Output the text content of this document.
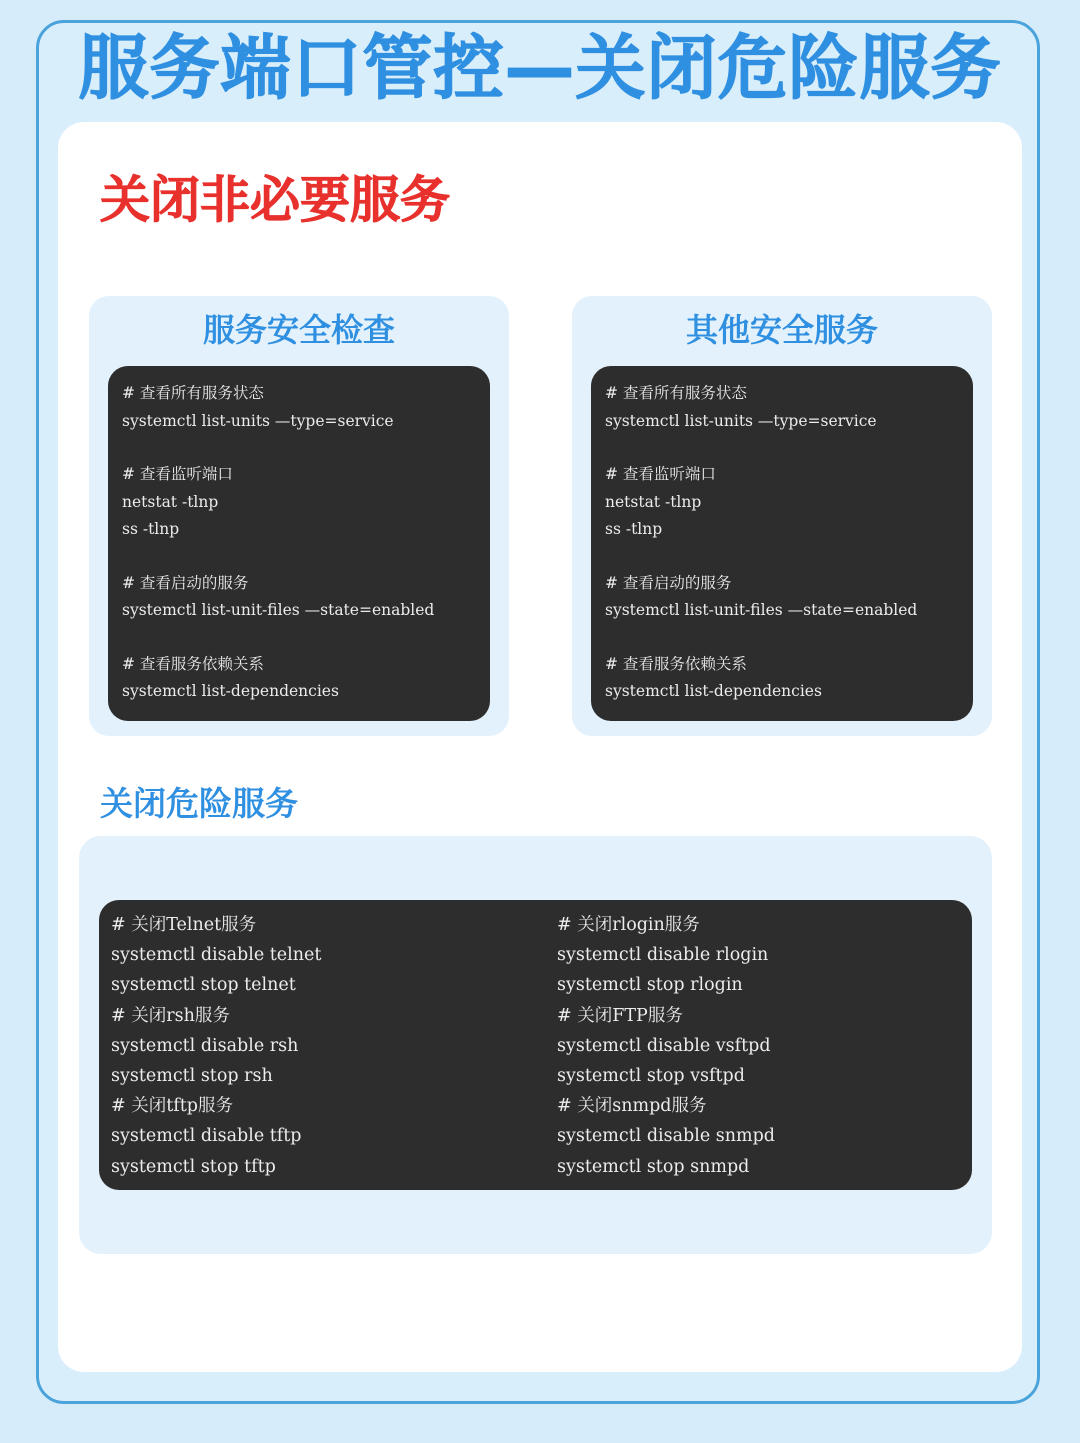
服务端口管控—关闭危险服务
关闭非必要服务
服务安全检查
# 查看所有服务状态
systemctl list-units —type=service
# 查看监听端口
netstat -tlnp
ss -tlnp
# 查看启动的服务
systemctl list-unit-files —state=enabled
# 查看服务依赖关系
systemctl list-dependencies
其他安全服务
# 查看所有服务状态
systemctl list-units —type=service
# 查看监听端口
netstat -tlnp
ss -tlnp
# 查看启动的服务
systemctl list-unit-files —state=enabled
# 查看服务依赖关系
systemctl list-dependencies
关闭危险服务
# 关闭Telnet服务
systemctl disable telnet
systemctl stop telnet
# 关闭rsh服务
systemctl disable rsh
systemctl stop rsh
# 关闭tftp服务
systemctl disable tftp
systemctl stop tftp
# 关闭rlogin服务
systemctl disable rlogin
systemctl stop rlogin
# 关闭FTP服务
systemctl disable vsftpd
systemctl stop vsftpd
# 关闭snmpd服务
systemctl disable snmpd
systemctl stop snmpd
